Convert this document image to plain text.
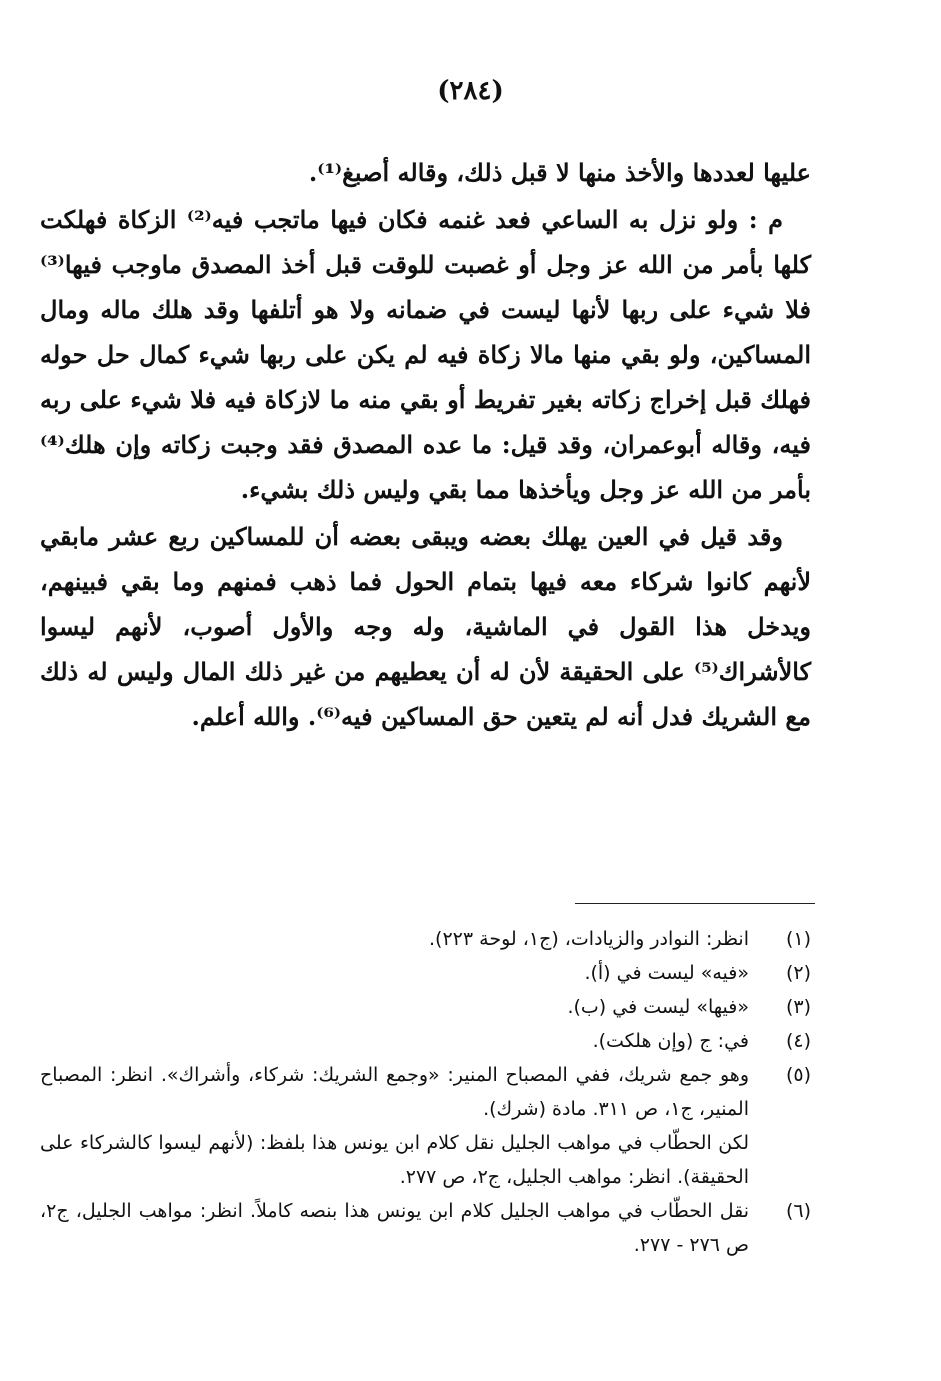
(٢٨٤)

عليها لعددها والأخذ منها لا قبل ذلك، وقاله أصبغ⁽¹⁾.

م : ولو نزل به الساعي فعد غنمه فكان فيها ماتجب فيه⁽²⁾ الزكاة فهلكت كلها بأمر من الله عز وجل أو غصبت للوقت قبل أخذ المصدق ماوجب فيها⁽³⁾ فلا شيء على ربها لأنها ليست في ضمانه ولا هو أتلفها وقد هلك ماله ومال المساكين، ولو بقي منها مالا زكاة فيه لم يكن على ربها شيء كمال حل حوله فهلك قبل إخراج زكاته بغير تفريط أو بقي منه ما لازكاة فيه فلا شيء على ربه فيه، وقاله أبوعمران، وقد قيل: ما عده المصدق فقد وجبت زكاته وإن هلك⁽⁴⁾ بأمر من الله عز وجل ويأخذها مما بقي وليس ذلك بشيء.

وقد قيل في العين يهلك بعضه ويبقى بعضه أن للمساكين ربع عشر مابقي لأنهم كانوا شركاء معه فيها بتمام الحول فما ذهب فمنهم وما بقي فبينهم، ويدخل هذا القول في الماشية، وله وجه والأول أصوب، لأنهم ليسوا كالأشراك⁽⁵⁾ على الحقيقة لأن له أن يعطيهم من غير ذلك المال وليس له ذلك مع الشريك فدل أنه لم يتعين حق المساكين فيه⁽⁶⁾. والله أعلم.

(١)
انظر: النوادر والزيادات، (ج١، لوحة ٢٢٣).
(٢)
«فيه» ليست في (أ).
(٣)
«فيها» ليست في (ب).
(٤)
في: ج (وإن هلكت).
(٥)
وهو جمع شريك، ففي المصباح المنير: «وجمع الشريك: شركاء، وأشراك». انظر: المصباح المنير، ج١، ص ٣١١. مادة (شرك).
لكن الحطّاب في مواهب الجليل نقل كلام ابن يونس هذا بلفظ: (لأنهم ليسوا كالشركاء على الحقيقة). انظر: مواهب الجليل، ج٢، ص ٢٧٧.
(٦)
نقل الحطّاب في مواهب الجليل كلام ابن يونس هذا بنصه كاملاً. انظر: مواهب الجليل، ج٢، ص ٢٧٦ - ٢٧٧.
